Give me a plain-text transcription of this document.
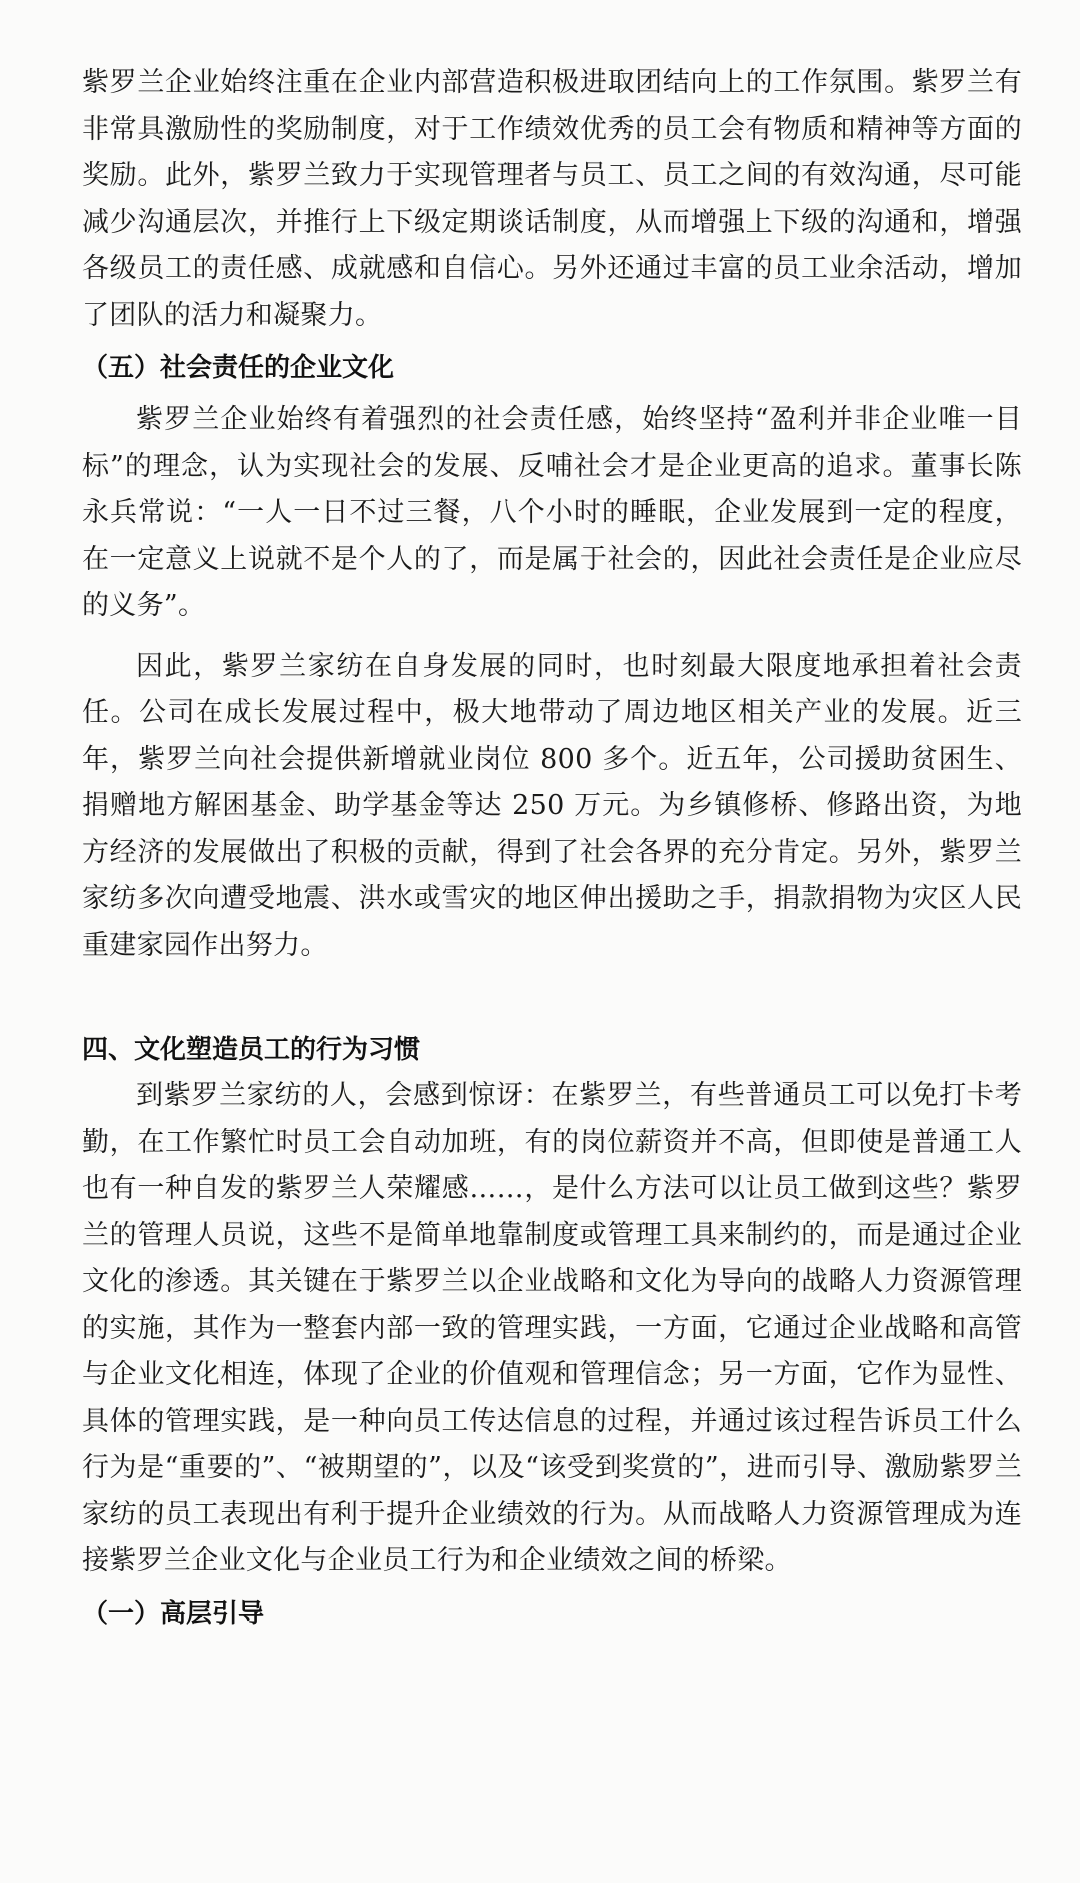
紫罗兰企业始终注重在企业内部营造积极进取团结向上的工作氛围。紫罗兰有非常具激励性的奖励制度，对于工作绩效优秀的员工会有物质和精神等方面的奖励。此外，紫罗兰致力于实现管理者与员工、员工之间的有效沟通，尽可能减少沟通层次，并推行上下级定期谈话制度，从而增强上下级的沟通和，增强各级员工的责任感、成就感和自信心。另外还通过丰富的员工业余活动，增加了团队的活力和凝聚力。

（五）社会责任的企业文化

紫罗兰企业始终有着强烈的社会责任感，始终坚持“盈利并非企业唯一目标”的理念，认为实现社会的发展、反哺社会才是企业更高的追求。董事长陈永兵常说：“一人一日不过三餐，八个小时的睡眠，企业发展到一定的程度，在一定意义上说就不是个人的了，而是属于社会的，因此社会责任是企业应尽的义务”。

因此，紫罗兰家纺在自身发展的同时，也时刻最大限度地承担着社会责任。公司在成长发展过程中，极大地带动了周边地区相关产业的发展。近三年，紫罗兰向社会提供新增就业岗位 800 多个。近五年，公司援助贫困生、捐赠地方解困基金、助学基金等达 250 万元。为乡镇修桥、修路出资，为地方经济的发展做出了积极的贡献，得到了社会各界的充分肯定。另外，紫罗兰家纺多次向遭受地震、洪水或雪灾的地区伸出援助之手，捐款捐物为灾区人民重建家园作出努力。

四、文化塑造员工的行为习惯

到紫罗兰家纺的人，会感到惊讶：在紫罗兰，有些普通员工可以免打卡考勤，在工作繁忙时员工会自动加班，有的岗位薪资并不高，但即使是普通工人也有一种自发的紫罗兰人荣耀感……，是什么方法可以让员工做到这些？紫罗兰的管理人员说，这些不是简单地靠制度或管理工具来制约的，而是通过企业文化的渗透。其关键在于紫罗兰以企业战略和文化为导向的战略人力资源管理的实施，其作为一整套内部一致的管理实践，一方面，它通过企业战略和高管与企业文化相连，体现了企业的价值观和管理信念；另一方面，它作为显性、具体的管理实践，是一种向员工传达信息的过程，并通过该过程告诉员工什么行为是“重要的”、“被期望的”，以及“该受到奖赏的”，进而引导、激励紫罗兰家纺的员工表现出有利于提升企业绩效的行为。从而战略人力资源管理成为连接紫罗兰企业文化与企业员工行为和企业绩效之间的桥梁。

（一）高层引导
